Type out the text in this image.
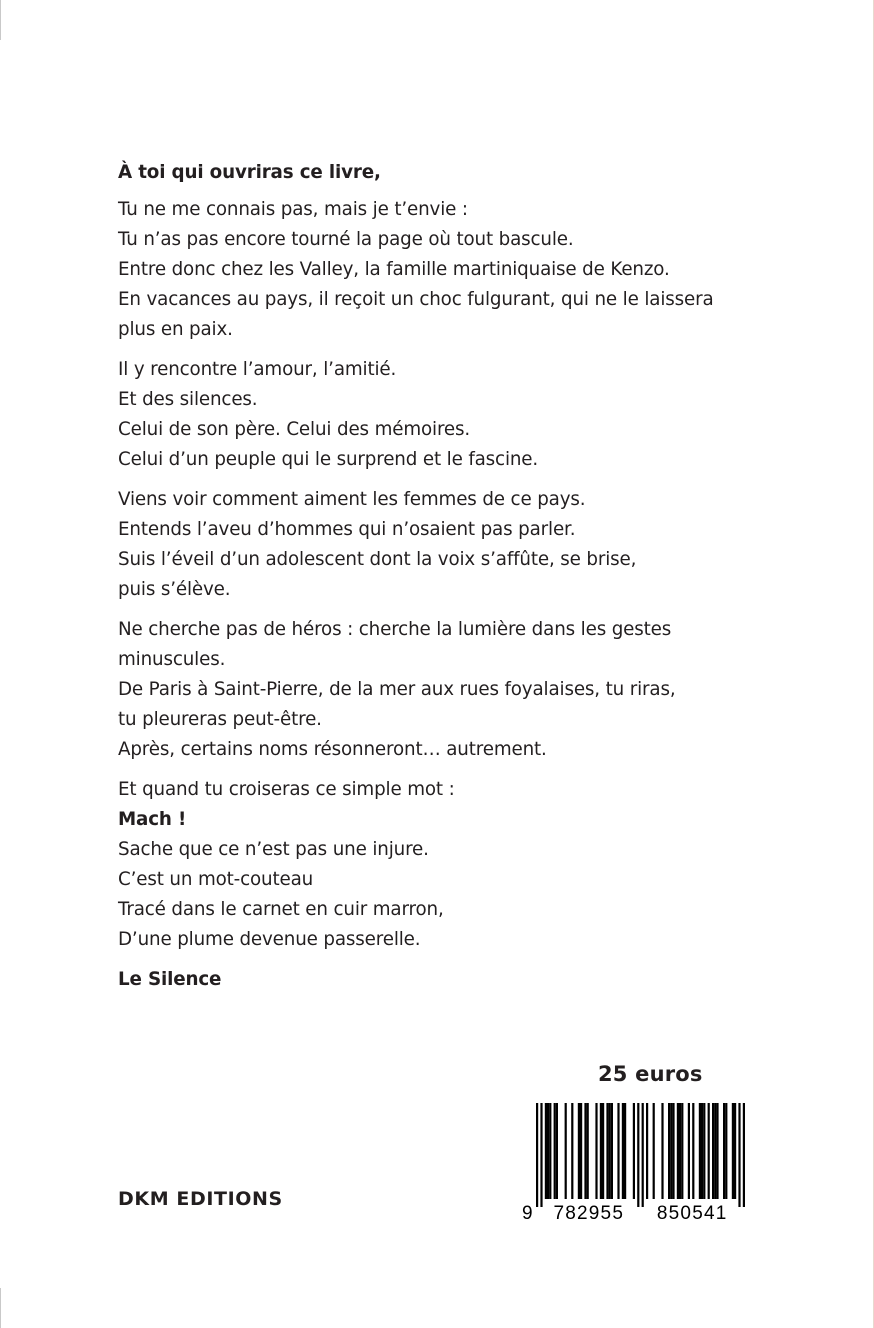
À toi qui ouvriras ce livre,
Tu ne me connais pas, mais je t’envie :
Tu n’as pas encore tourné la page où tout bascule.
Entre donc chez les Valley, la famille martiniquaise de Kenzo.
En vacances au pays, il reçoit un choc fulgurant, qui ne le laissera
plus en paix.
Il y rencontre l’amour, l’amitié.
Et des silences.
Celui de son père. Celui des mémoires.
Celui d’un peuple qui le surprend et le fascine.
Viens voir comment aiment les femmes de ce pays.
Entends l’aveu d’hommes qui n’osaient pas parler.
Suis l’éveil d’un adolescent dont la voix s’affûte, se brise,
puis s’élève.
Ne cherche pas de héros : cherche la lumière dans les gestes
minuscules.
De Paris à Saint-Pierre, de la mer aux rues foyalaises, tu riras,
tu pleureras peut-être.
Après, certains noms résonneront… autrement.
Et quand tu croiseras ce simple mot :
Mach !
Sache que ce n’est pas une injure.
C’est un mot-couteau
Tracé dans le carnet en cuir marron,
D’une plume devenue passerelle.
Le Silence
25 euros
9 782955 850541
DKM EDITIONS
